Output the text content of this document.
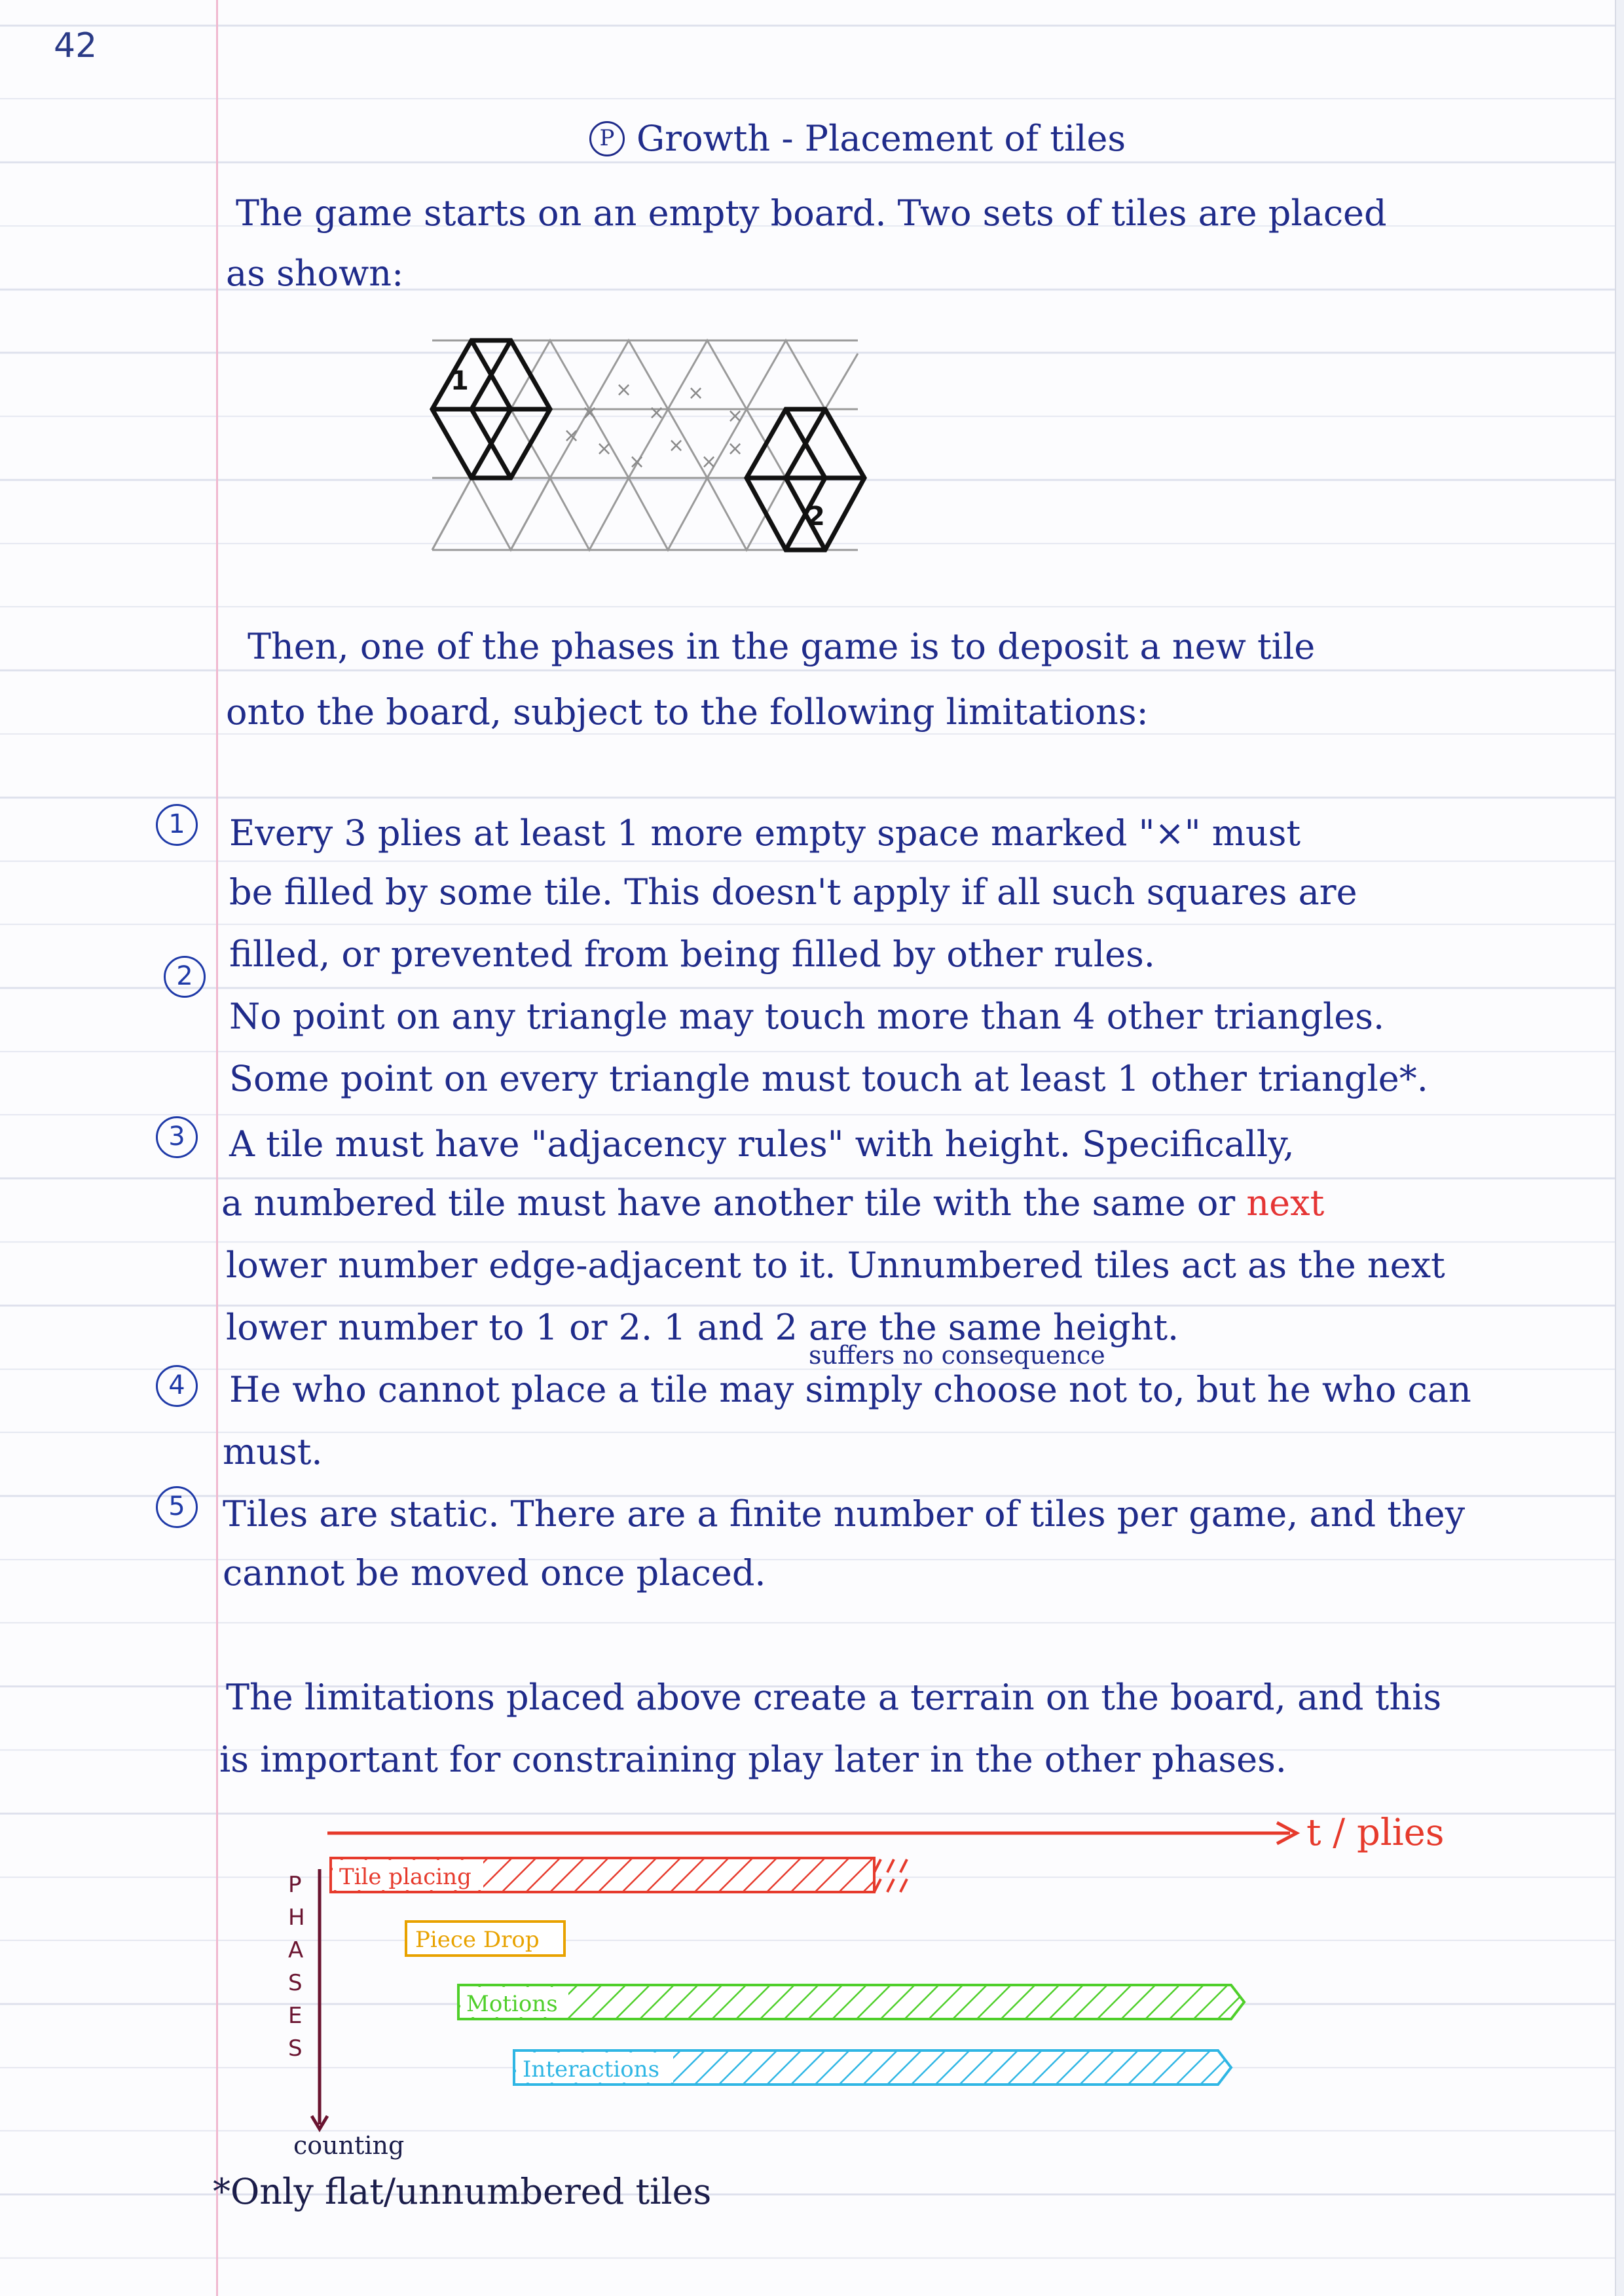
42
P Growth - Placement of tiles
The game starts on an empty board. Two sets of tiles are placed
as shown:
1
2
×
×
×
×
×
×
×
×
×
×
×
Then, one of the phases in the game is to deposit a new tile
onto the board, subject to the following limitations:
1	Every 3 plies at least 1 more empty space marked "×" must
be filled by some tile. This doesn't apply if all such squares are
filled, or prevented from being filled by other rules.
2
No point on any triangle may touch more than 4 other triangles.
Some point on every triangle must touch at least 1 other triangle*.
3	A tile must have "adjacency rules" with height. Specifically,
a numbered tile must have another tile with the same or next
lower number edge-adjacent to it. Unnumbered tiles act as the next
lower number to 1 or 2. 1 and 2 are the same height.
suffers no consequence
4	He who cannot place a tile may simply choose not to, but he who can
must.
5	Tiles are static. There are a finite number of tiles per game, and they
cannot be moved once placed.
The limitations placed above create a terrain on the board, and this
is important for constraining play later in the other phases.
t / plies
P
H
A
S
E
S
Tile placing
Piece Drop
Motions
Interactions
counting
*Only flat/unnumbered tiles
